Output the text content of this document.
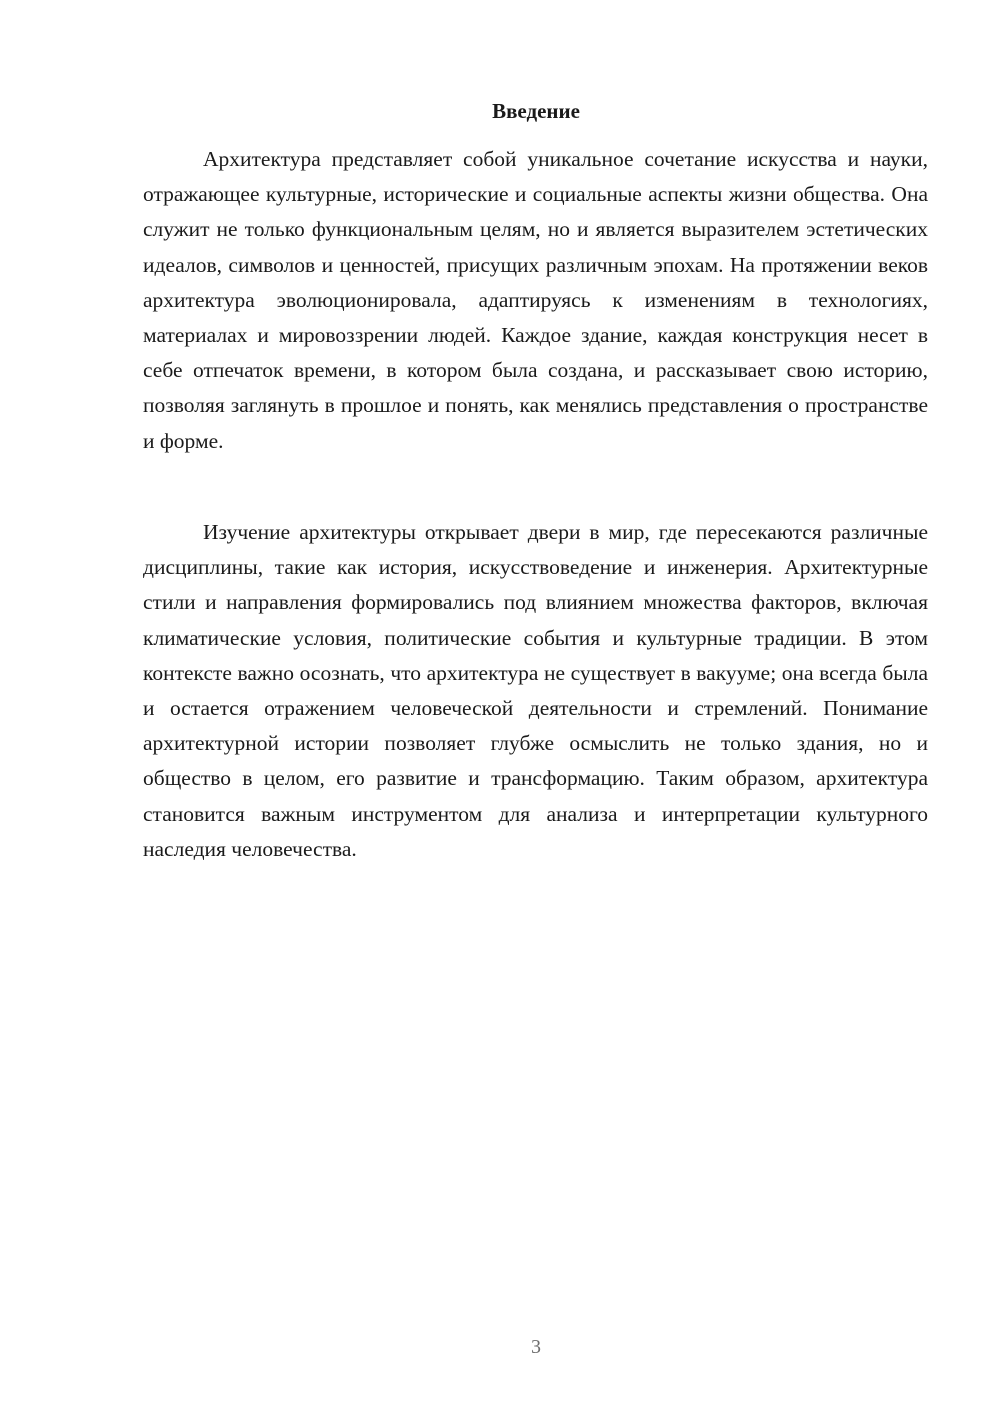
Введение

Архитектура представляет собой уникальное сочетание искусства и науки, отражающее культурные, исторические и социальные аспекты жизни общества. Она служит не только функциональным целям, но и является выразителем эстетических идеалов, символов и ценностей, присущих различным эпохам. На протяжении веков архитектура эволюционировала, адаптируясь к изменениям в технологиях, материалах и мировоззрении людей. Каждое здание, каждая конструкция несет в себе отпечаток времени, в котором была создана, и рассказывает свою историю, позволяя заглянуть в прошлое и понять, как менялись представления о пространстве и форме.

Изучение архитектуры открывает двери в мир, где пересекаются различные дисциплины, такие как история, искусствоведение и инженерия. Архитектурные стили и направления формировались под влиянием множества факторов, включая климатические условия, политические события и культурные традиции. В этом контексте важно осознать, что архитектура не существует в вакууме; она всегда была и остается отражением человеческой деятельности и стремлений. Понимание архитектурной истории позволяет глубже осмыслить не только здания, но и общество в целом, его развитие и трансформацию. Таким образом, архитектура становится важным инструментом для анализа и интерпретации культурного наследия человечества.

3
